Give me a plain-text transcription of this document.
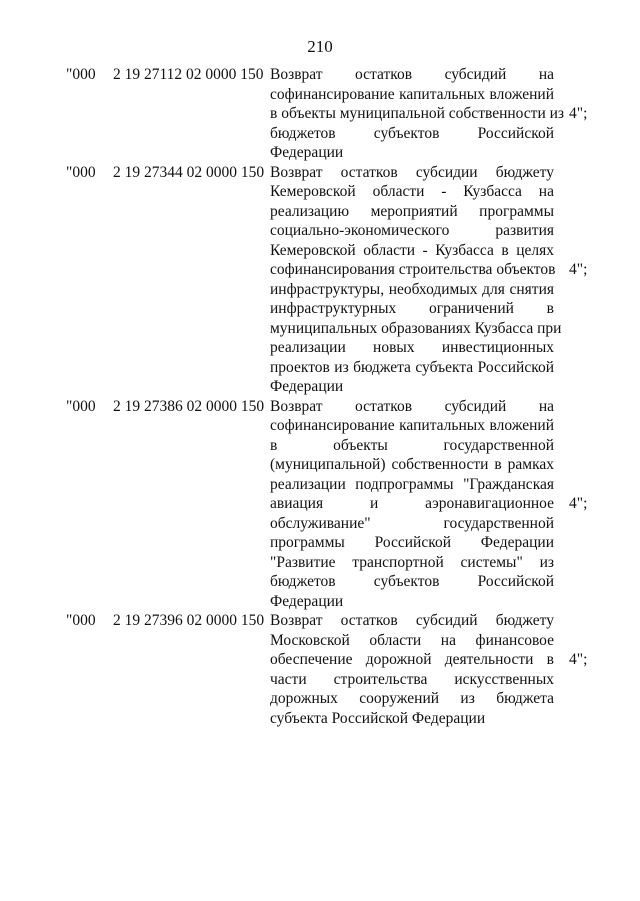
210
"000 2 19 27112 02 0000 150 Возврат остатков субсидий на
софинансирование капитальных вложений
в объекты муниципальной собственности из
бюджетов субъектов Российской
Федерации
4";
"000 2 19 27344 02 0000 150 Возврат остатков субсидии бюджету
Кемеровской области - Кузбасса на
реализацию мероприятий программы
социально-экономического развития
Кемеровской области - Кузбасса в целях
софинансирования строительства объектов
инфраструктуры, необходимых для снятия
инфраструктурных ограничений в
муниципальных образованиях Кузбасса при
реализации новых инвестиционных
проектов из бюджета субъекта Российской
Федерации
4";
"000 2 19 27386 02 0000 150 Возврат остатков субсидий на
софинансирование капитальных вложений
в объекты государственной
(муниципальной) собственности в рамках
реализации подпрограммы "Гражданская
авиация и аэронавигационное
обслуживание" государственной
программы Российской Федерации
"Развитие транспортной системы" из
бюджетов субъектов Российской
Федерации
4";
"000 2 19 27396 02 0000 150 Возврат остатков субсидий бюджету
Московской области на финансовое
обеспечение дорожной деятельности в
части строительства искусственных
дорожных сооружений из бюджета
субъекта Российской Федерации
4";
